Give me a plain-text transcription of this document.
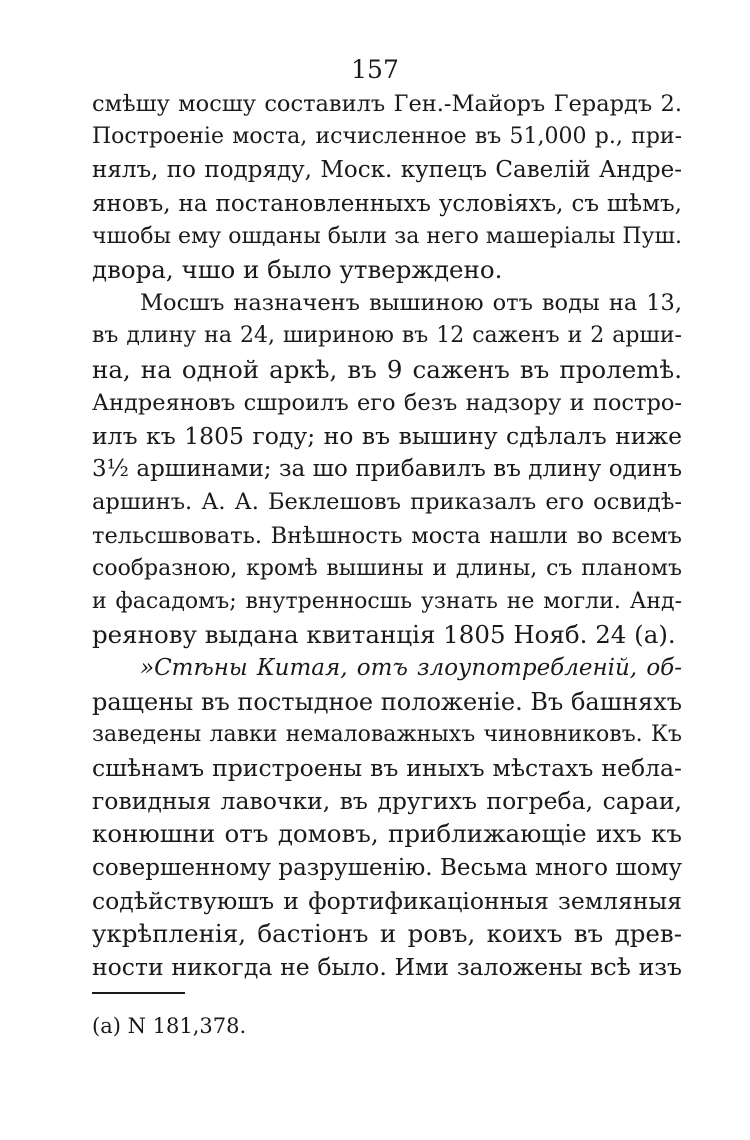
157
смѣшу мосшу составилъ Ген.-Майоръ Герардъ 2.
Построеніе моста, исчисленное въ 51,000 р., при-
нялъ, по подряду, Моск. купецъ Савелій Андре-
яновъ, на постановленныхъ условіяхъ, съ шѣмъ,
чшобы ему ошданы были за него машеріалы Пуш.
двора, чшо и было утверждено.
Мосшъ назначенъ вышиною отъ воды на 13,
въ длину на 24, шириною въ 12 саженъ и 2 арши-
на, на одной аркѣ, въ 9 саженъ въ пролеmѣ.
Андреяновъ сшроилъ его безъ надзору и пострo-
илъ къ 1805 году; но въ вышину сдѣлалъ ниже
3½ аршинами; за шо прибавилъ въ длину одинъ
аршинъ. А. А. Беклешовъ приказалъ его освидѣ-
тельсшвовать. Внѣшность моста нашли во всемъ
сообразною, кромѣ вышины и длины, съ планомъ
и фасадомъ; внутренносшь узнать не могли. Анд-
реянову выдана квитанція 1805 Нояб. 24 (а).
»Стѣны Китая, отъ злоупотребленій, об-
ращены въ постыдное положеніе. Въ башняхъ
заведены лавки немаловажныхъ чиновниковъ. Къ
сшѣнамъ пристроены въ иныхъ мѣстахъ небла-
говидныя лавочки, въ другихъ погреба, сараи,
конюшни отъ домовъ, приближающіе ихъ къ
совершенному разрушенію. Весьма много шому
содѣйствуюшъ и фортификаціонныя земляныя
укрѣпленія, бастіонъ и ровъ, коихъ въ древ-
ности никогда не было. Ими заложены всѣ изъ
(а) N 181,378.
